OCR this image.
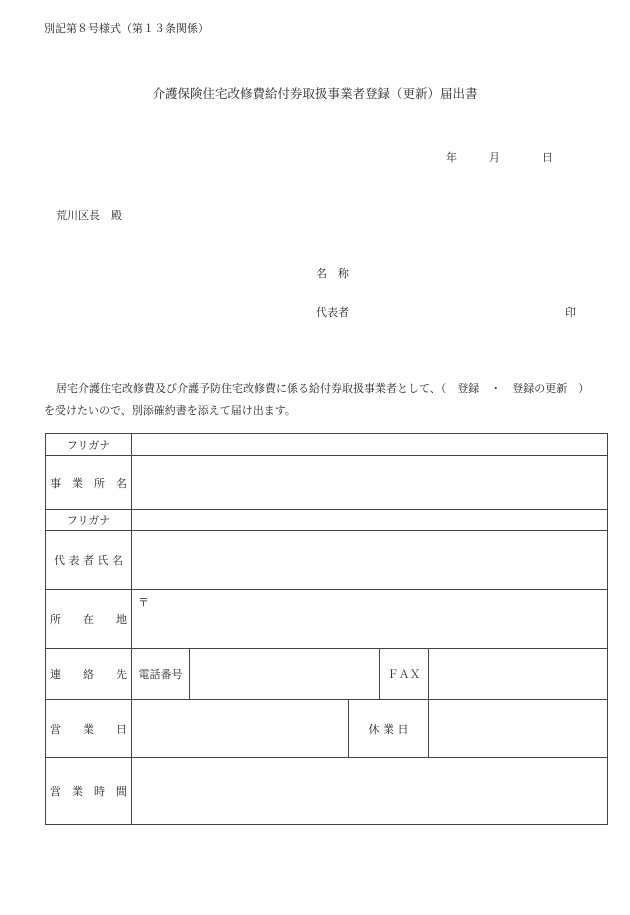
別記第８号様式（第１３条関係）
介護保険住宅改修費給付券取扱事業者登録（更新）届出書
年	月	日
荒川区長　殿
名　称
代表者	印
居宅介護住宅改修費及び介護予防住宅改修費に係る給付券取扱事業者として、（　登録　・　登録の更新　）
を受けたいので、別添確約書を添えて届け出ます。
フリガナ					
事　業　所　名					
フリガナ					
代 表 者 氏 名					
所　　在　　地	〒				

連　　絡　　先	電話番号			ＦＡＸ	
営　　業　　日			休 業 日		
営　業　時　間					
